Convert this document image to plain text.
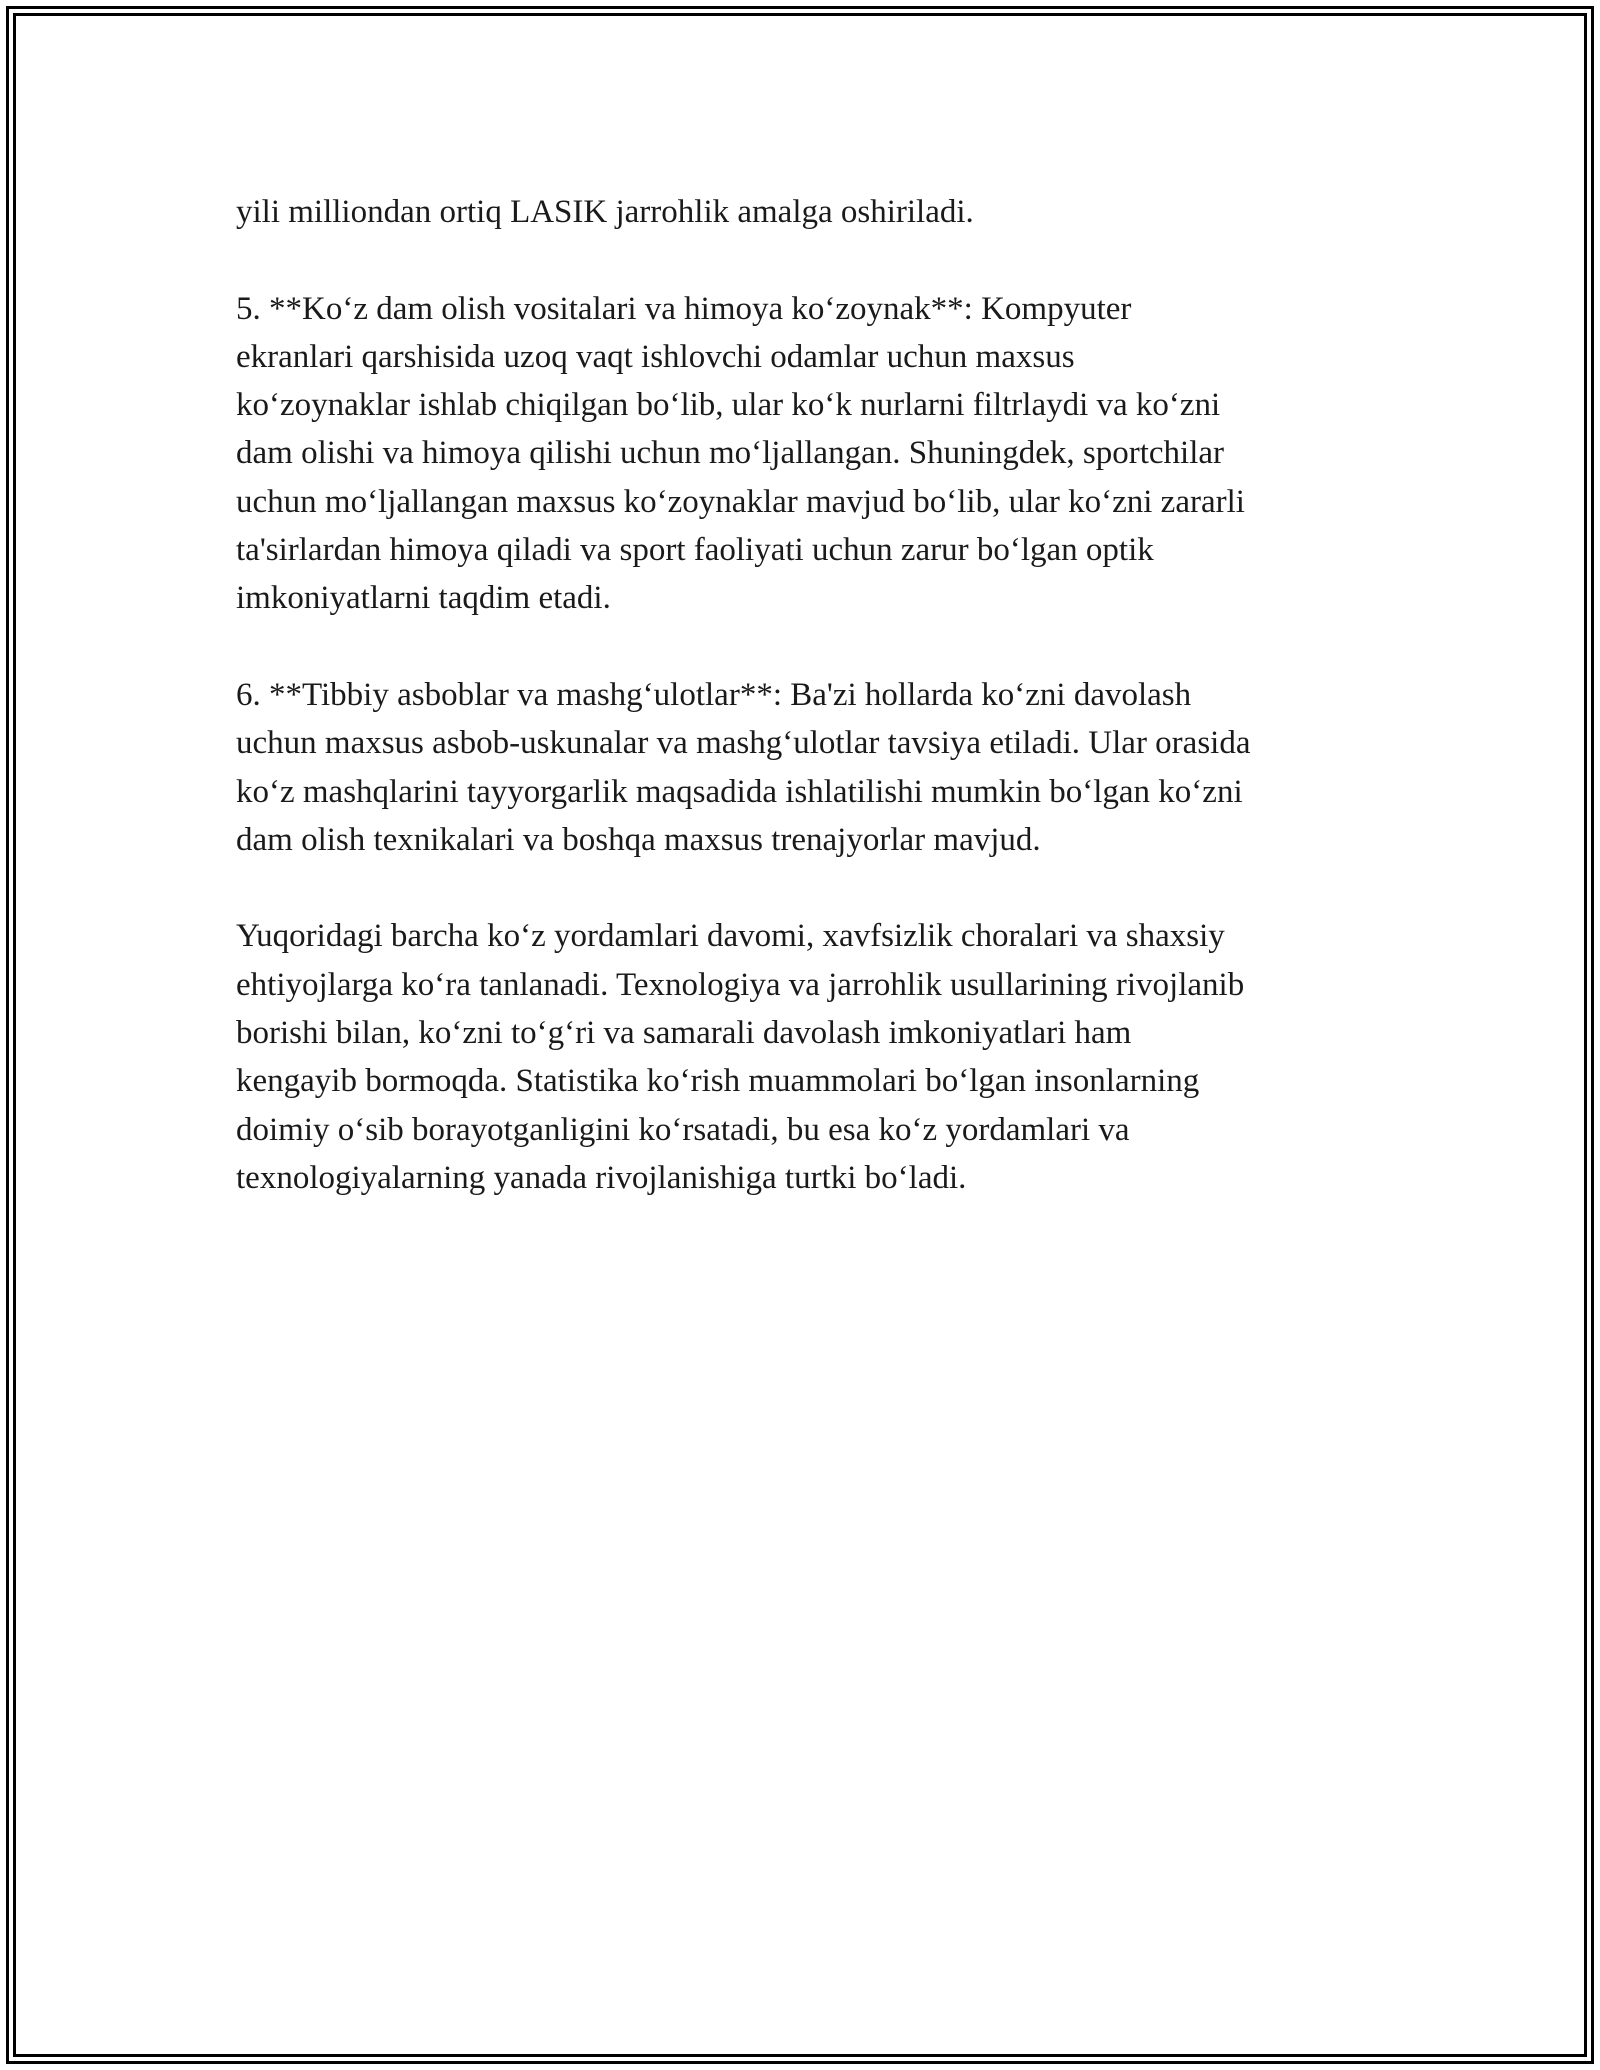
yili milliondan ortiq LASIK jarrohlik amalga oshiriladi.

5. **Ko‘z dam olish vositalari va himoya ko‘zoynak**: Kompyuter
ekranlari qarshisida uzoq vaqt ishlovchi odamlar uchun maxsus
ko‘zoynaklar ishlab chiqilgan bo‘lib, ular ko‘k nurlarni filtrlaydi va ko‘zni
dam olishi va himoya qilishi uchun mo‘ljallangan. Shuningdek, sportchilar
uchun mo‘ljallangan maxsus ko‘zoynaklar mavjud bo‘lib, ular ko‘zni zararli
ta'sirlardan himoya qiladi va sport faoliyati uchun zarur bo‘lgan optik
imkoniyatlarni taqdim etadi.

6. **Tibbiy asboblar va mashg‘ulotlar**: Ba'zi hollarda ko‘zni davolash
uchun maxsus asbob-uskunalar va mashg‘ulotlar tavsiya etiladi. Ular orasida
ko‘z mashqlarini tayyorgarlik maqsadida ishlatilishi mumkin bo‘lgan ko‘zni
dam olish texnikalari va boshqa maxsus trenajyorlar mavjud.

Yuqoridagi barcha ko‘z yordamlari davomi, xavfsizlik choralari va shaxsiy
ehtiyojlarga ko‘ra tanlanadi. Texnologiya va jarrohlik usullarining rivojlanib
borishi bilan, ko‘zni to‘g‘ri va samarali davolash imkoniyatlari ham
kengayib bormoqda. Statistika ko‘rish muammolari bo‘lgan insonlarning
doimiy o‘sib borayotganligini ko‘rsatadi, bu esa ko‘z yordamlari va
texnologiyalarning yanada rivojlanishiga turtki bo‘ladi.
